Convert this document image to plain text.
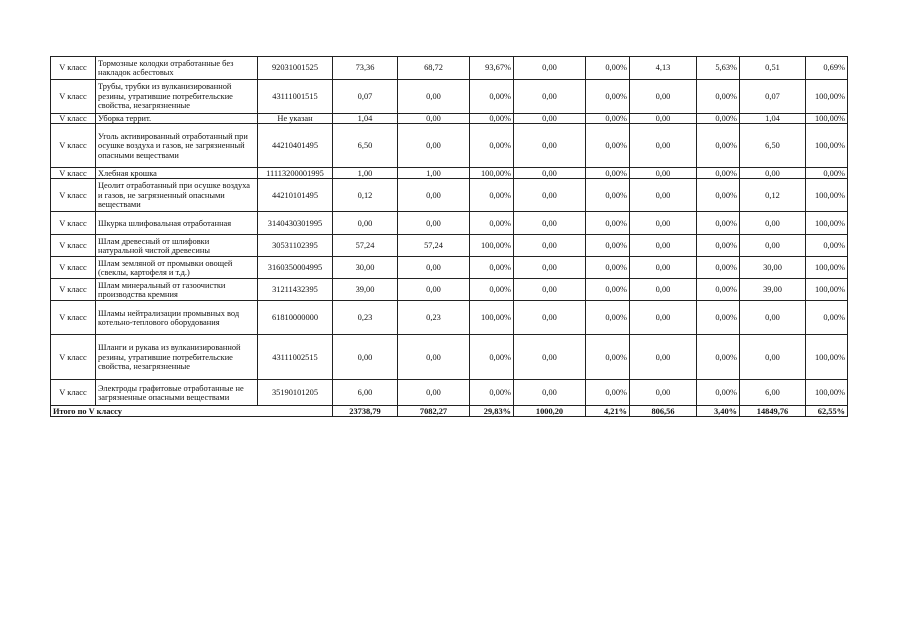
V класс	Тормозные колодки отработанные без накладок асбестовых	92031001525	73,36	68,72	93,67%	0,00	0,00%	4,13	5,63%	0,51	0,69%
V класс	Трубы, трубки из вулканизированной резины, утратившие потребительские свойства, незагрязненные	43111001515	0,07	0,00	0,00%	0,00	0,00%	0,00	0,00%	0,07	100,00%
V класс	Уборка террит.	Не указан	1,04	0,00	0,00%	0,00	0,00%	0,00	0,00%	1,04	100,00%
V класс	Уголь активированный отработанный при осушке воздуха и газов, не загрязненный опасными веществами	44210401495	6,50	0,00	0,00%	0,00	0,00%	0,00	0,00%	6,50	100,00%
V класс	Хлебная крошка	11113200001995	1,00	1,00	100,00%	0,00	0,00%	0,00	0,00%	0,00	0,00%
V класс	Цеолит отработанный при осушке воздуха и газов, не загрязненный опасными веществами	44210101495	0,12	0,00	0,00%	0,00	0,00%	0,00	0,00%	0,12	100,00%
V класс	Шкурка шлифовальная отработанная	3140430301995	0,00	0,00	0,00%	0,00	0,00%	0,00	0,00%	0,00	100,00%
V класс	Шлам древесный от шлифовки натуральной чистой древесины	30531102395	57,24	57,24	100,00%	0,00	0,00%	0,00	0,00%	0,00	0,00%
V класс	Шлам земляной от промывки овощей (свеклы, картофеля и т.д.)	3160350004995	30,00	0,00	0,00%	0,00	0,00%	0,00	0,00%	30,00	100,00%
V класс	Шлам минеральный от газоочистки производства кремния	31211432395	39,00	0,00	0,00%	0,00	0,00%	0,00	0,00%	39,00	100,00%
V класс	Шламы нейтрализации промывных вод котельно-теплового оборудования	61810000000	0,23	0,23	100,00%	0,00	0,00%	0,00	0,00%	0,00	0,00%
V класс	Шланги и рукава из вулканизированной резины, утратившие потребительские свойства, незагрязненные	43111002515	0,00	0,00	0,00%	0,00	0,00%	0,00	0,00%	0,00	100,00%
V класс	Электроды графитовые отработанные не загрязненные опасными веществами	35190101205	6,00	0,00	0,00%	0,00	0,00%	0,00	0,00%	6,00	100,00%
Итого по V классу			23738,79	7082,27	29,83%	1000,20	4,21%	806,56	3,40%	14849,76	62,55%
